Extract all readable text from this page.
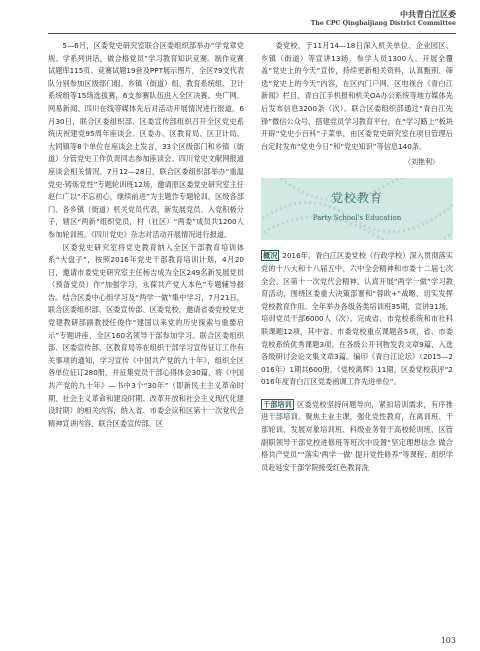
中共青白江区委
The CPC Qingbaijiang District Committee

5—6月，区委党史研究室联合区委组织部举办“学党章党规、学系列讲话，做合格党员”学习教育知识竞赛。制作竞赛试题库115页、竞赛试题19套及PPT展示图片，全区79支代表队分别参加区级部门组、乡镇（街道）组、教育系统组、卫计系统组等15场选拔赛，6支参赛队伍进入全区决赛。央广网、网易新闻、四川在线等媒体先后对活动开展情况进行报道。6月30日，联合区委组织部、区委宣传部组织召开全区党史系统庆祝建党95周年座谈会。区委办、区教育局、区卫计局、大同镇等8个单位在座谈会上发言，33个区级部门和乡镇（街道）分管党史工作负责同志参加座谈会。四川党史文献网报道座谈会相关情况。7月12—28日，联合区委组织部举办“重温党史·铸炼党性”专题轮训班12场，邀请原区委党史研究室主任赵仁广以“不忘初心，继续前进”为主题作专题轮训。区级各部门、各乡镇（街道）机关党员代表、新发展党员、入党积极分子，辖区“两新”组织党员，村（社区）“两委”成员共1200人参加轮训班。《四川党史》杂志对活动开展情况进行报道。

区委党史研究室将党史教育纳入全区干部教育培训体系“大盘子”，按照2016年党史干部教育培训计划，4月20日，邀请市委党史研究室主任杨吉成为全区249名新发展党员（预备党员）作“加强学习，永葆共产党人本色”专题辅导报告。结合区委中心组学习及“两学一做”集中学习，7月21日，联合区委组织部、区委宣传部、区委党校，邀请省委党校党史党建教研部副教授任俊作“建国以来党的历史探索与重要启示”专题讲座，全区160名领导干部参加学习。联合区委组织部、区委宣传部、区教育局等在组织干部学习宣传征订工作有关事项的通知，学习宣传《中国共产党的九十年》，组织全区各单位征订280册，并征集党员干部心得体会30篇，将《中国共产党的九十年》—书中3个“30年”（即新民主主义革命时期、社会主义革命和建设时期、改革开放和社会主义现代化建设时期）的相关内容，纳入省、市委会议和区第十一次党代会精神宣讲内容，联合区委宣传部、区

委党校，于11月14—18日深入机关单位、企业园区、乡镇（街道）等宣讲13场，参学人员1300人。开展全覆盖“党史上的今天”宣传，持续更新相关资料，认真甄别、筛选“党史上的今天”内容，在区内门户网、区电视台《青白江新闻》栏目、青白江手机报和机关OA办公系统等地方媒体先后发布信息3200条（次）。联合区委组织部通过“青白江先锋”微信公众号，搭建党员学习教育平台，在“学习路上”板块开辟“党史小百科”子菜单，由区委党史研究室在项目管理后台定时发布“党史今日”和“党史知识”等信息140条。

（刘艳利）
党校教育
Party School's Education

概况 2016年，青白江区委党校（行政学校）深入贯彻落实党的十八大和十八届五中、六中全会精神和市委十二届七次全会、区第十一次党代会精神，认真开展“两学一做”学习教育活动，围绕区委重大决策部署和“蓉欧+”战略，切实发挥党校教育作用。全年举办各级各类培训班35期，宣讲31场，培训党员干部6000人（次）。完成省、市党校系统和市社科联课题12项，其中省、市委党校重点课题各5项，省、市委党校系统优秀课题3项。在各级公开刊物发表文章9篇，入选各级研讨会论文集文章3篇。编印《青白江论坛》（2015—2016年）1期共600册，《党校离辉》11期，区委党校获评“2016年度青白江区党委函调工作先进单位”。

干部培训 区委党校坚持问题导向，紧扣培训需求，有序推进干部培训。聚焦主业主课，强化党性教育，在离训班、干部轮训、发展对象培训班、科级业务骨干高校轮训班、区管副职领导干部党校进修班等班次中设置“坚定理想信念 做合格共产党员”“落实‘两学一做’ 提升党性修养”等课程；组织学员赴延安干部学院接受红色教育洗

103
